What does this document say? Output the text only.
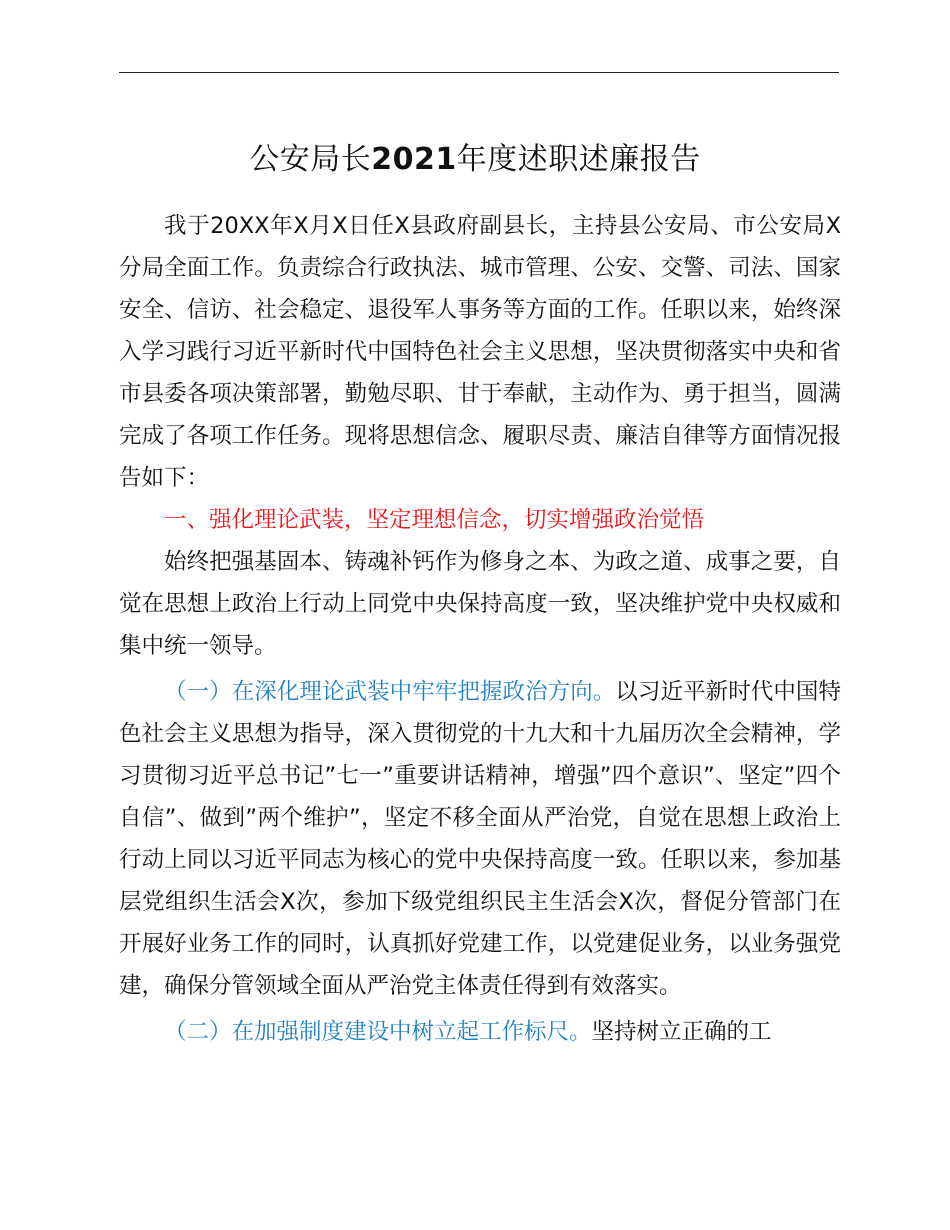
公安局长2021年度述职述廉报告

我于20XX年X月X日任X县政府副县长，主持县公安局、市公安局X分局全面工作。负责综合行政执法、城市管理、公安、交警、司法、国家安全、信访、社会稳定、退役军人事务等方面的工作。任职以来，始终深入学习践行习近平新时代中国特色社会主义思想，坚决贯彻落实中央和省市县委各项决策部署，勤勉尽职、甘于奉献，主动作为、勇于担当，圆满完成了各项工作任务。现将思想信念、履职尽责、廉洁自律等方面情况报告如下：

一、强化理论武装，坚定理想信念，切实增强政治觉悟

始终把强基固本、铸魂补钙作为修身之本、为政之道、成事之要，自觉在思想上政治上行动上同党中央保持高度一致，坚决维护党中央权威和集中统一领导。

（一）在深化理论武装中牢牢把握政治方向。以习近平新时代中国特色社会主义思想为指导，深入贯彻党的十九大和十九届历次全会精神，学习贯彻习近平总书记”七一”重要讲话精神，增强”四个意识”、坚定”四个自信”、做到”两个维护”，坚定不移全面从严治党，自觉在思想上政治上行动上同以习近平同志为核心的党中央保持高度一致。任职以来，参加基层党组织生活会X次，参加下级党组织民主生活会X次，督促分管部门在开展好业务工作的同时，认真抓好党建工作，以党建促业务，以业务强党建，确保分管领域全面从严治党主体责任得到有效落实。

（二）在加强制度建设中树立起工作标尺。坚持树立正确的工
